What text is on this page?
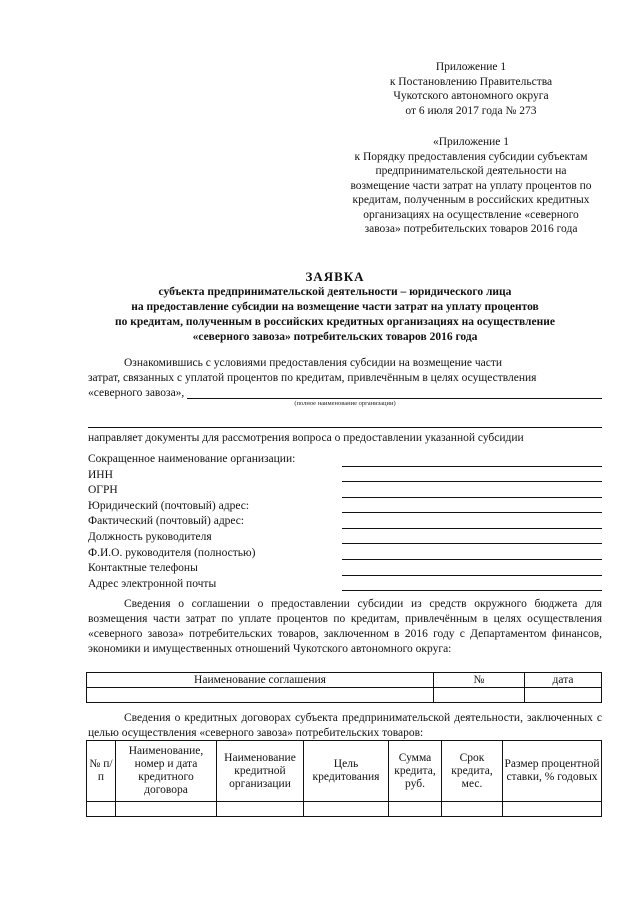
Приложение 1
к Постановлению Правительства
Чукотского автономного округа
от 6 июля 2017 года № 273
«Приложение 1
к Порядку предоставления субсидии субъектам
предпринимательской деятельности на
возмещение части затрат на уплату процентов по
кредитам, полученным в российских кредитных
организациях на осуществление «северного
завоза» потребительских товаров 2016 года
ЗАЯВКА
субъекта предпринимательской деятельности – юридического лица
на предоставление субсидии на возмещение части затрат на уплату процентов
по кредитам, полученным в российских кредитных организациях на осуществление
«северного завоза» потребительских товаров 2016 года
Ознакомившись с условиями предоставления субсидии на возмещение части
затрат, связанных с уплатой процентов по кредитам, привлечённым в целях осуществления
«северного завоза»,
(полное наименование организации)
направляет документы для рассмотрения вопроса о предоставлении указанной субсидии
Сокращенное наименование организации:
ИНН
ОГРН
Юридический (почтовый) адрес:
Фактический (почтовый) адрес:
Должность руководителя
Ф.И.О. руководителя (полностью)
Контактные телефоны
Адрес электронной почты
Сведения о соглашении о предоставлении субсидии из средств окружного бюджета для возмещения части затрат по уплате процентов по кредитам, привлечённым в целях осуществления «северного завоза» потребительских товаров, заключенном в 2016 году с Департаментом финансов, экономики и имущественных отношений Чукотского автономного округа:
Наименование соглашения	№	дата

Сведения о кредитных договорах субъекта предпринимательской деятельности, заключенных с целью осуществления «северного завоза» потребительских товаров:
№ п/п	Наименование, номер и дата кредитного договора	Наименование кредитной организации	Цель кредитования	Сумма кредита, руб.	Срок кредита, мес.	Размер процентной ставки, % годовых
